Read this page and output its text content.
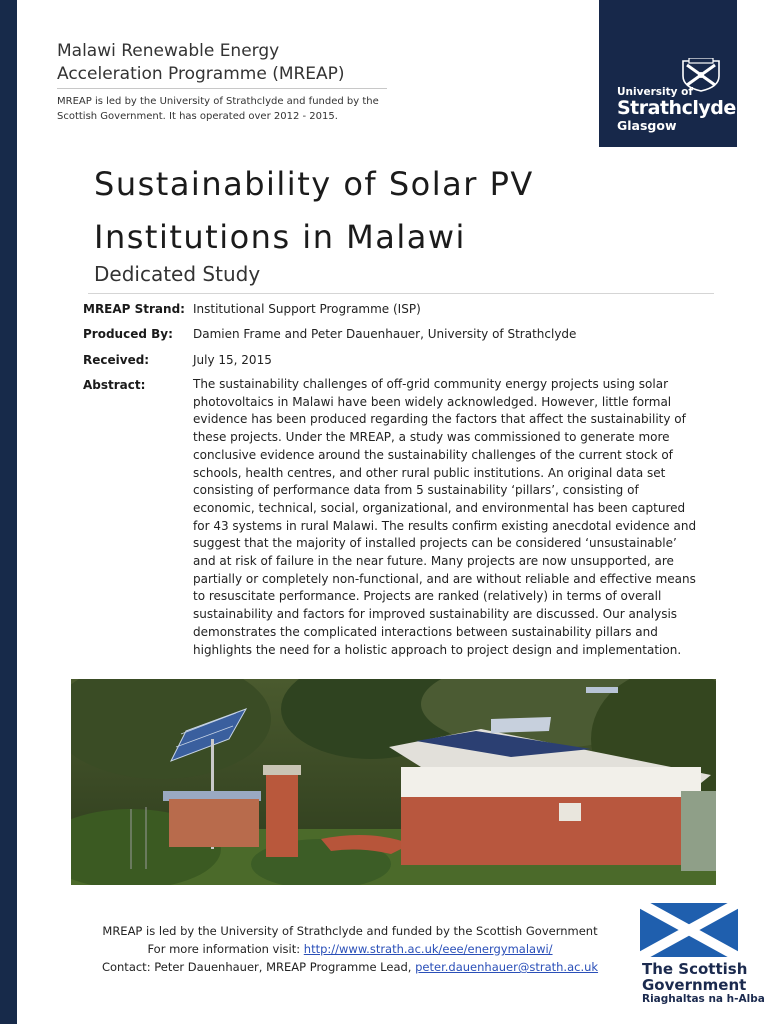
Malawi Renewable Energy
Acceleration Programme (MREAP)
MREAP is led by the University of Strathclyde and funded by the
Scottish Government. It has operated over 2012 - 2015.
University of
Strathclyde
Glasgow
Sustainability of Solar PV
Institutions in Malawi
Dedicated Study
MREAP Strand: Institutional Support Programme (ISP)
Produced By:	Damien Frame and Peter Dauenhauer, University of Strathclyde
Received:	July 15, 2015
Abstract:	The sustainability challenges of off-grid community energy projects using solar
photovoltaics in Malawi have been widely acknowledged. However, little formal
evidence has been produced regarding the factors that affect the sustainability of
these projects. Under the MREAP, a study was commissioned to generate more
conclusive evidence around the sustainability challenges of the current stock of
schools, health centres, and other rural public institutions. An original data set
consisting of performance data from 5 sustainability ‘pillars’, consisting of
economic, technical, social, organizational, and environmental has been captured
for 43 systems in rural Malawi. The results confirm existing anecdotal evidence and
suggest that the majority of installed projects can be considered ‘unsustainable’
and at risk of failure in the near future. Many projects are now unsupported, are
partially or completely non-functional, and are without reliable and effective means
to resuscitate performance. Projects are ranked (relatively) in terms of overall
sustainability and factors for improved sustainability are discussed. Our analysis
demonstrates the complicated interactions between sustainability pillars and
highlights the need for a holistic approach to project design and implementation.
MREAP is led by the University of Strathclyde and funded by the Scottish Government
For more information visit: http://www.strath.ac.uk/eee/energymalawi/
Contact: Peter Dauenhauer, MREAP Programme Lead, peter.dauenhauer@strath.ac.uk	The Scottish
Government
Riaghaltas na h-Alba
